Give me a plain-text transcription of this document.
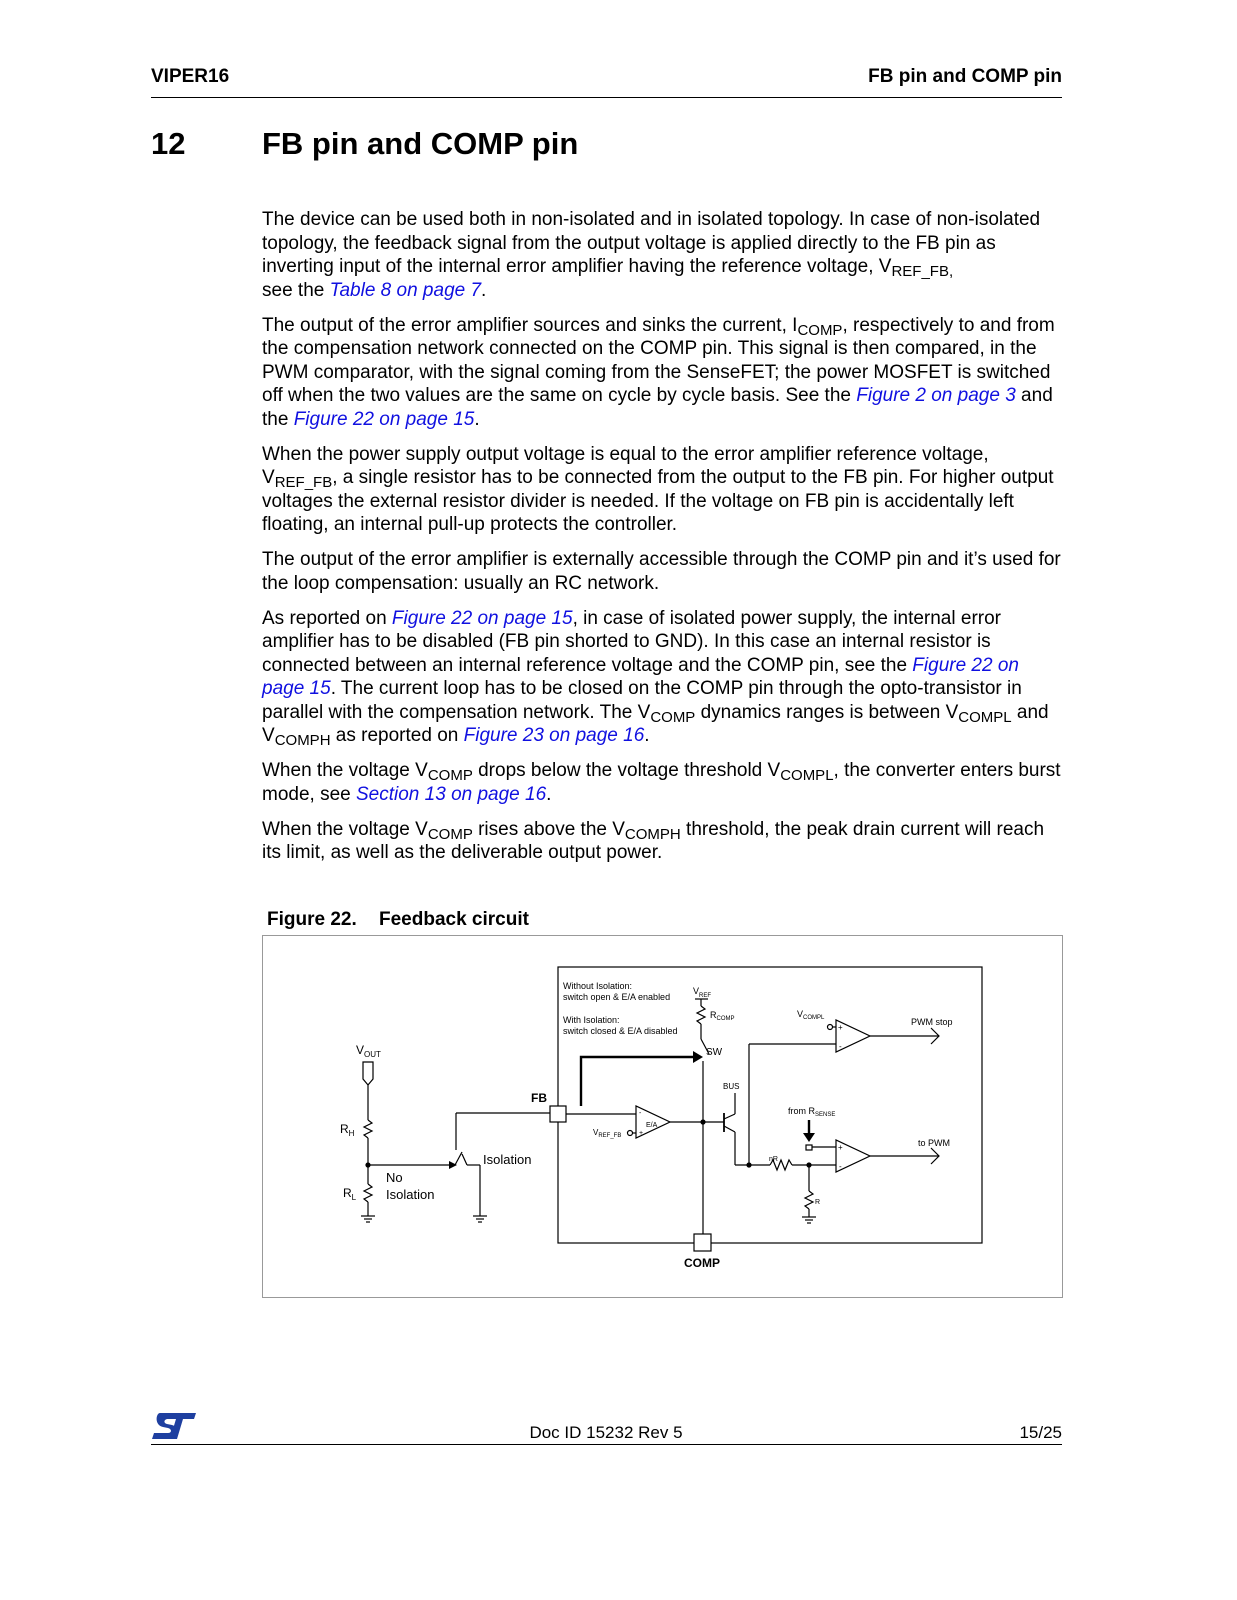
VIPER16	FB pin and COMP pin
12 FB pin and COMP pin

The device can be used both in non-isolated and in isolated topology. In case of non-isolated topology, the feedback signal from the output voltage is applied directly to the FB pin as inverting input of the internal error amplifier having the reference voltage, $V_{REF\_FB,}$
see the Table 8 on page 7.

The output of the error amplifier sources and sinks the current, $I_{COMP}$, respectively to and from the compensation network connected on the COMP pin. This signal is then compared, in the PWM comparator, with the signal coming from the SenseFET; the power MOSFET is switched off when the two values are the same on cycle by cycle basis. See the Figure 2 on page 3 and the Figure 22 on page 15.

When the power supply output voltage is equal to the error amplifier reference voltage, $V_{REF\_FB}$, a single resistor has to be connected from the output to the FB pin. For higher output voltages the external resistor divider is needed. If the voltage on FB pin is accidentally left floating, an internal pull-up protects the controller.

The output of the error amplifier is externally accessible through the COMP pin and it’s used for the loop compensation: usually an RC network.

As reported on Figure 22 on page 15, in case of isolated power supply, the internal error amplifier has to be disabled (FB pin shorted to GND). In this case an internal resistor is connected between an internal reference voltage and the COMP pin, see the Figure 22 on page 15. The current loop has to be closed on the COMP pin through the opto-transistor in parallel with the compensation network. The $V_{COMP}$ dynamics ranges is between $V_{COMPL}$ and $V_{COMPH}$ as reported on Figure 23 on page 16.

When the voltage $V_{COMP}$ drops below the voltage threshold $V_{COMPL}$, the converter enters burst mode, see Section 13 on page 16.

When the voltage $V_{COMP}$ rises above the $V_{COMPH}$ threshold, the peak drain current will reach its limit, as well as the deliverable output power.

Figure 22. Feedback circuit
Without Isolation:
switch open & E/A enabled
With Isolation:
switch closed & E/A disabled
$V_{REF}$
$R_{COMP}$
SW
COMP
FB
-
+
E/A
$V_{REF\_FB}$
BUS
+
-
$V_{COMPL}$	PWM stop
nR
from $R_{SENSE}$
R
+
-
to PWM
$V_{OUT}$
$R_H$
$R_L$
Isolation
No
Isolation
Doc ID 15232 Rev 5	15/25
